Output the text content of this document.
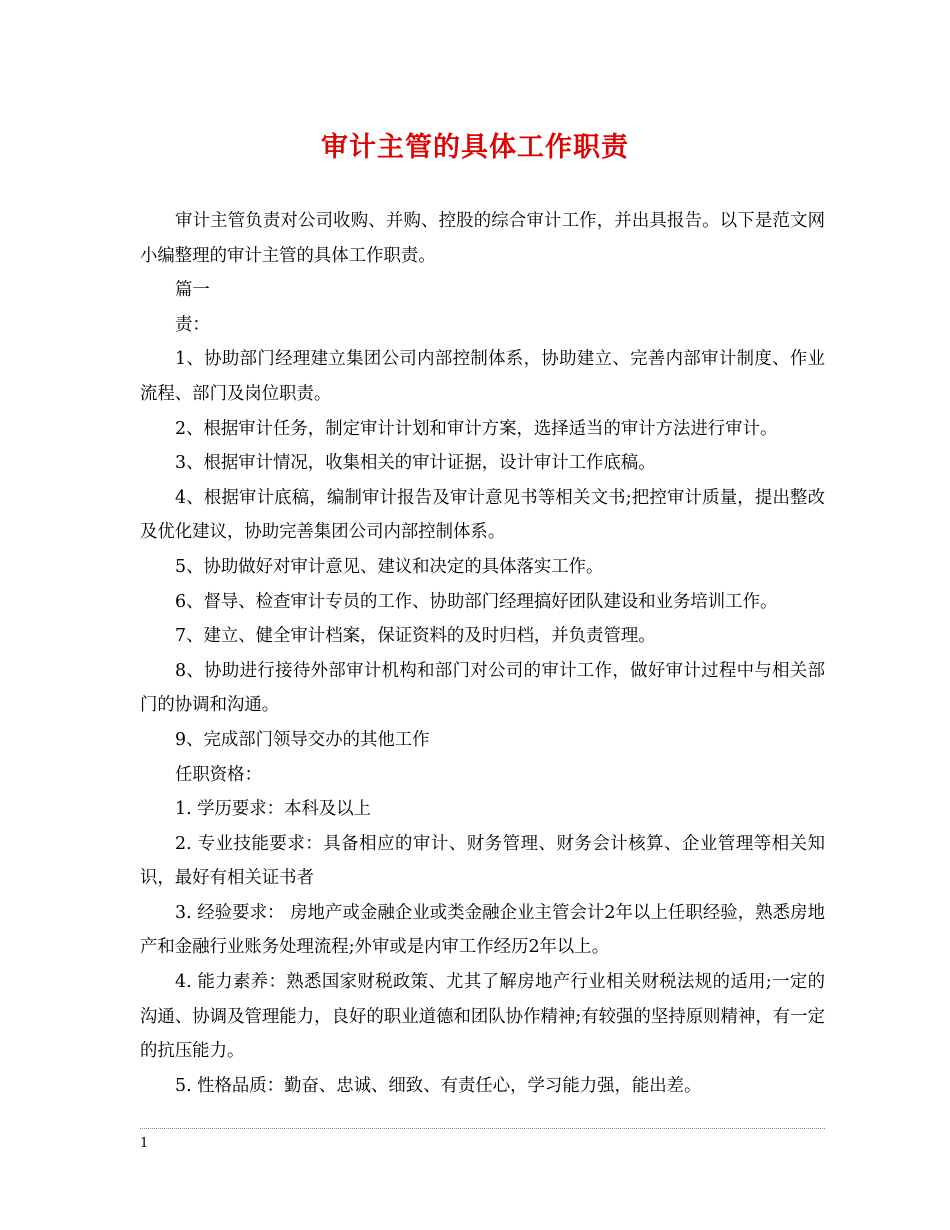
审计主管的具体工作职责

审计主管负责对公司收购、并购、控股的综合审计工作，并出具报告。以下是范文网小编整理的审计主管的具体工作职责。

篇一

责：

1、协助部门经理建立集团公司内部控制体系，协助建立、完善内部审计制度、作业流程、部门及岗位职责。

2、根据审计任务，制定审计计划和审计方案，选择适当的审计方法进行审计。

3、根据审计情况，收集相关的审计证据，设计审计工作底稿。

4、根据审计底稿，编制审计报告及审计意见书等相关文书;把控审计质量，提出整改及优化建议，协助完善集团公司内部控制体系。

5、协助做好对审计意见、建议和决定的具体落实工作。

6、督导、检查审计专员的工作、协助部门经理搞好团队建设和业务培训工作。

7、建立、健全审计档案，保证资料的及时归档，并负责管理。

8、协助进行接待外部审计机构和部门对公司的审计工作，做好审计过程中与相关部门的协调和沟通。

9、完成部门领导交办的其他工作

任职资格：

1. 学历要求：本科及以上

2. 专业技能要求：具备相应的审计、财务管理、财务会计核算、企业管理等相关知识，最好有相关证书者

3. 经验要求： 房地产或金融企业或类金融企业主管会计2年以上任职经验，熟悉房地产和金融行业账务处理流程;外审或是内审工作经历2年以上。

4. 能力素养：熟悉国家财税政策、尤其了解房地产行业相关财税法规的适用;一定的沟通、协调及管理能力，良好的职业道德和团队协作精神;有较强的坚持原则精神，有一定的抗压能力。

5. 性格品质：勤奋、忠诚、细致、有责任心，学习能力强，能出差。

1
